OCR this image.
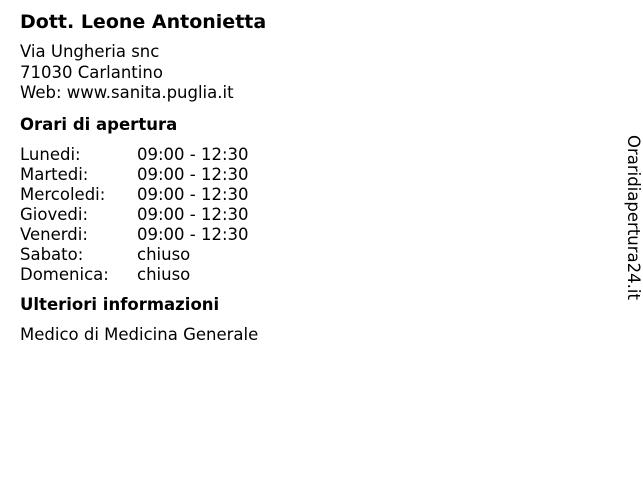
Dott. Leone Antonietta
Via Ungheria snc
71030 Carlantino
Web: www.sanita.puglia.it
Orari di apertura
Lunedi:	09:00 - 12:30
Martedi:	09:00 - 12:30
Mercoledi:	09:00 - 12:30
Giovedi:	09:00 - 12:30
Venerdi:	09:00 - 12:30
Sabato:	chiuso
Domenica:	chiuso
Ulteriori informazioni
Medico di Medicina Generale
Oraridiapertura24.it
